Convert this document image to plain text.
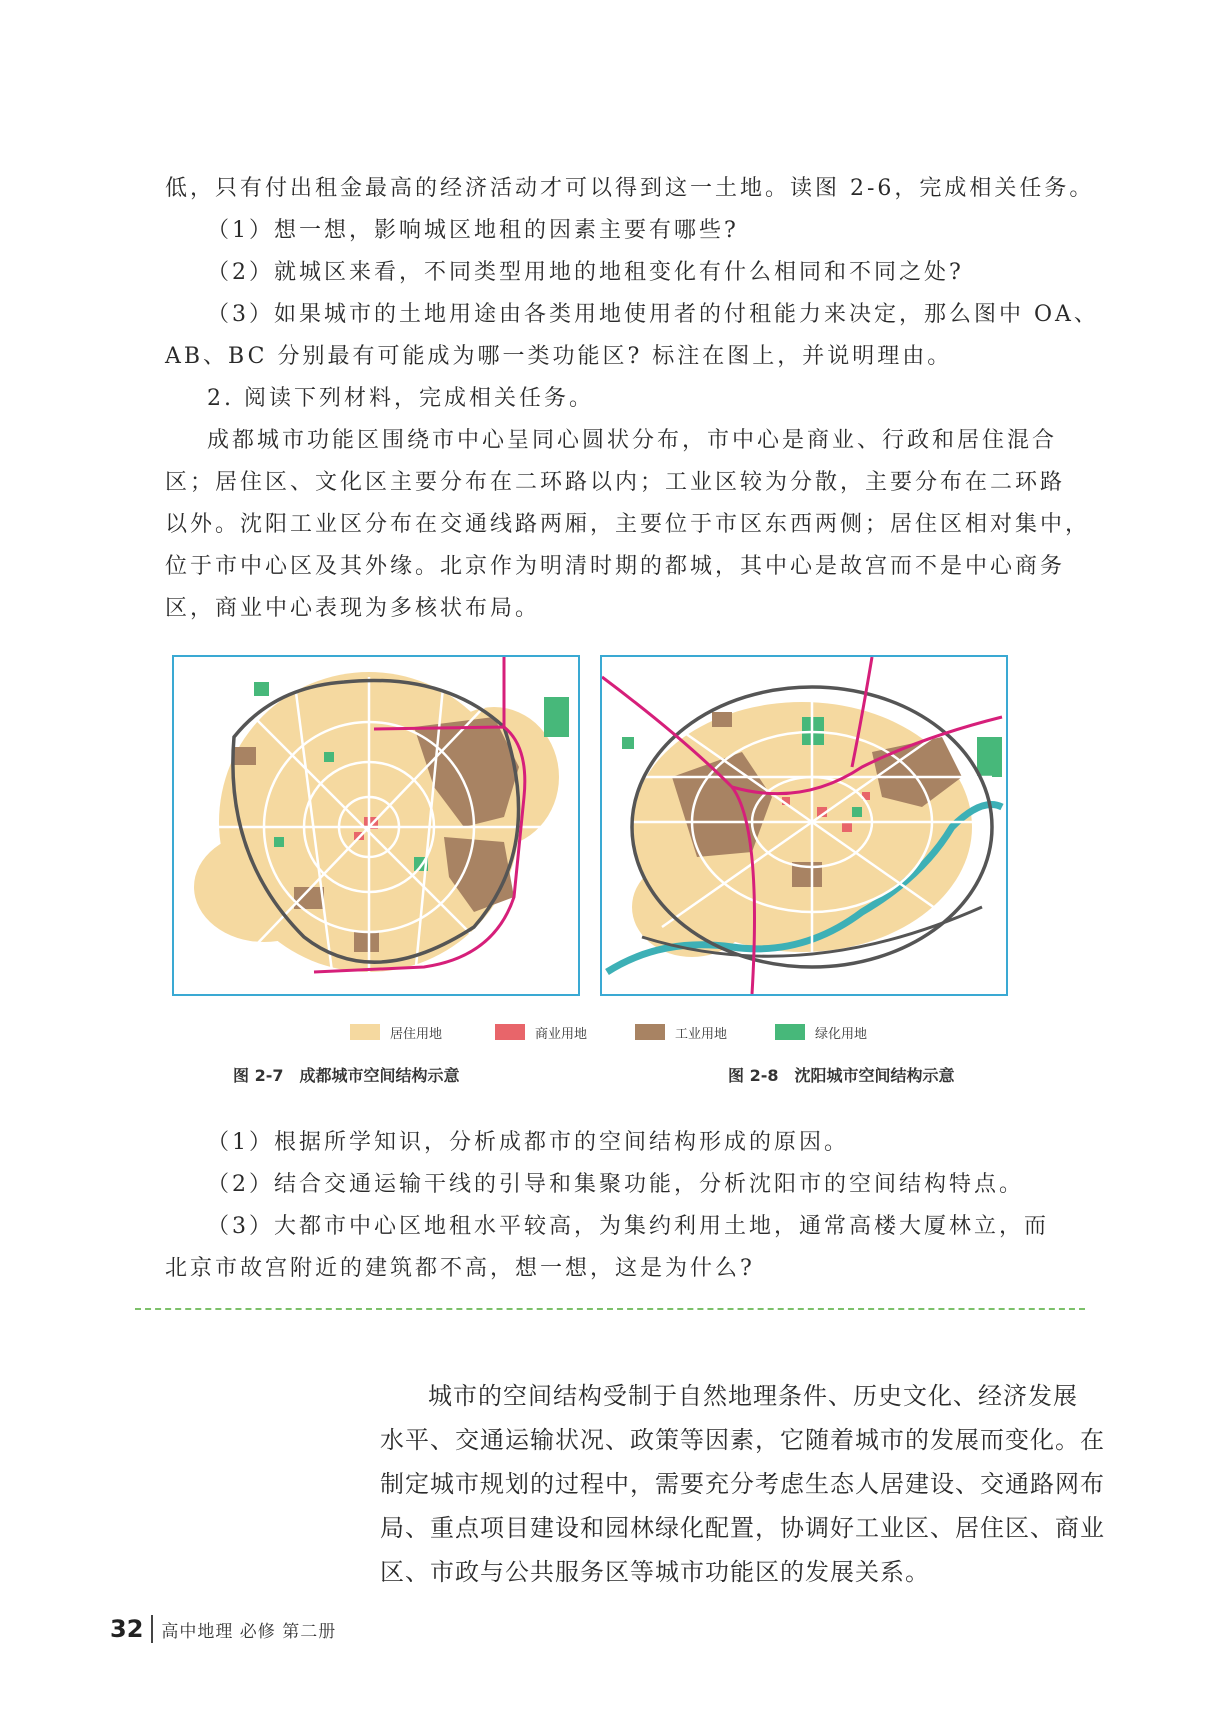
低，只有付出租金最高的经济活动才可以得到这一土地。读图 2-6，完成相关任务。
（1）想一想，影响城区地租的因素主要有哪些?
（2）就城区来看，不同类型用地的地租变化有什么相同和不同之处?
（3）如果城市的土地用途由各类用地使用者的付租能力来决定，那么图中 OA、
AB、BC 分别最有可能成为哪一类功能区? 标注在图上，并说明理由。
2. 阅读下列材料，完成相关任务。
成都城市功能区围绕市中心呈同心圆状分布，市中心是商业、行政和居住混合
区；居住区、文化区主要分布在二环路以内；工业区较为分散，主要分布在二环路
以外。沈阳工业区分布在交通线路两厢，主要位于市区东西两侧；居住区相对集中，
位于市中心区及其外缘。北京作为明清时期的都城，其中心是故宫而不是中心商务
区，商业中心表现为多核状布局。
居住用地	商业用地	工业用地	绿化用地
图 2-7　成都城市空间结构示意	图 2-8　沈阳城市空间结构示意
（1）根据所学知识，分析成都市的空间结构形成的原因。
（2）结合交通运输干线的引导和集聚功能，分析沈阳市的空间结构特点。
（3）大都市中心区地租水平较高，为集约利用土地，通常高楼大厦林立，而
北京市故宫附近的建筑都不高，想一想，这是为什么?
城市的空间结构受制于自然地理条件、历史文化、经济发展
水平、交通运输状况、政策等因素，它随着城市的发展而变化。在
制定城市规划的过程中，需要充分考虑生态人居建设、交通路网布
局、重点项目建设和园林绿化配置，协调好工业区、居住区、商业
区、市政与公共服务区等城市功能区的发展关系。
32	高中地理 必修 第二册
